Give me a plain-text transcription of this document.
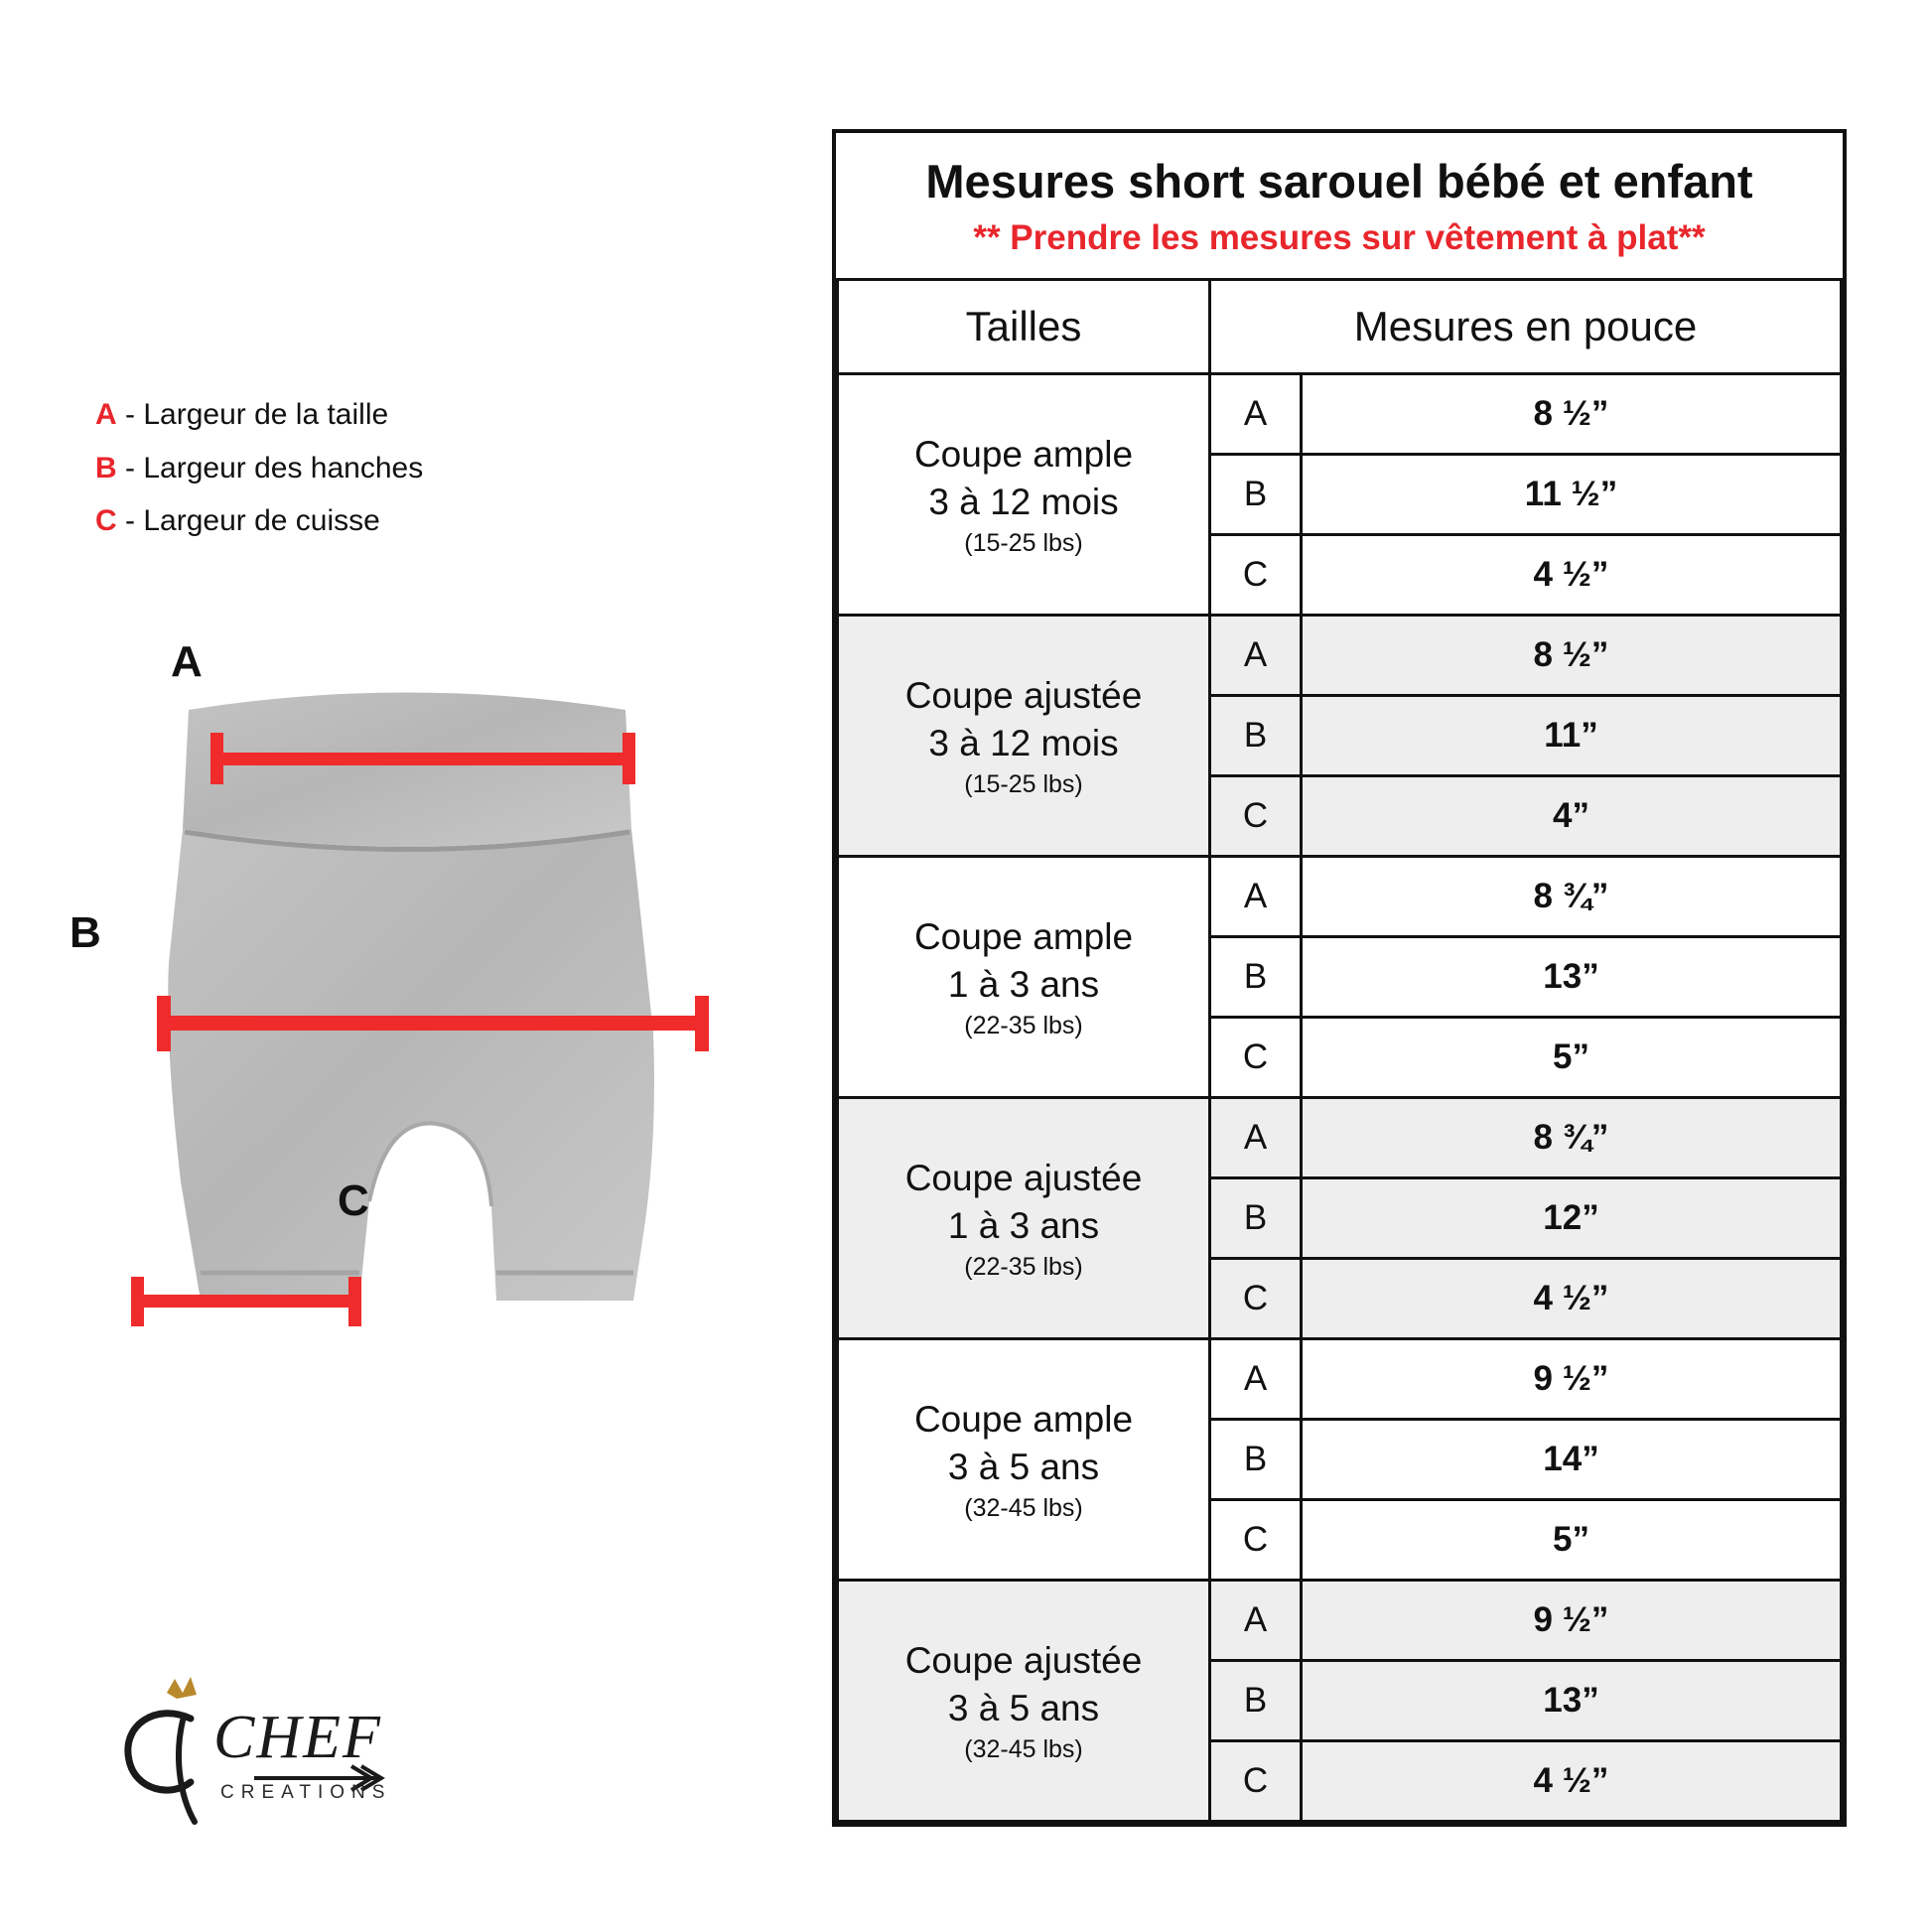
A - Largeur de la taille
B - Largeur des hanches
C - Largeur de cuisse
A
B
C
CHEF
CREATIONS
Mesures short sarouel bébé et enfant
** Prendre les mesures sur vêtement à plat**		

Tailles	Mesures en pouce	

Coupe ample
3 à 12 mois
(15-25 lbs)	A	8 ½”
	B	11 ½”
	C	4 ½”

Coupe ajustée
3 à 12 mois
(15-25 lbs)	A	8 ½”
	B	11”
	C	4”

Coupe ample
1 à 3 ans
(22-35 lbs)	A	8 ¾”
	B	13”
	C	5”

Coupe ajustée
1 à 3 ans
(22-35 lbs)	A	8 ¾”
	B	12”
	C	4 ½”

Coupe ample
3 à 5 ans
(32-45 lbs)	A	9 ½”
	B	14”
	C	5”

Coupe ajustée
3 à 5 ans
(32-45 lbs)	A	9 ½”
	B	13”
	C	4 ½”
